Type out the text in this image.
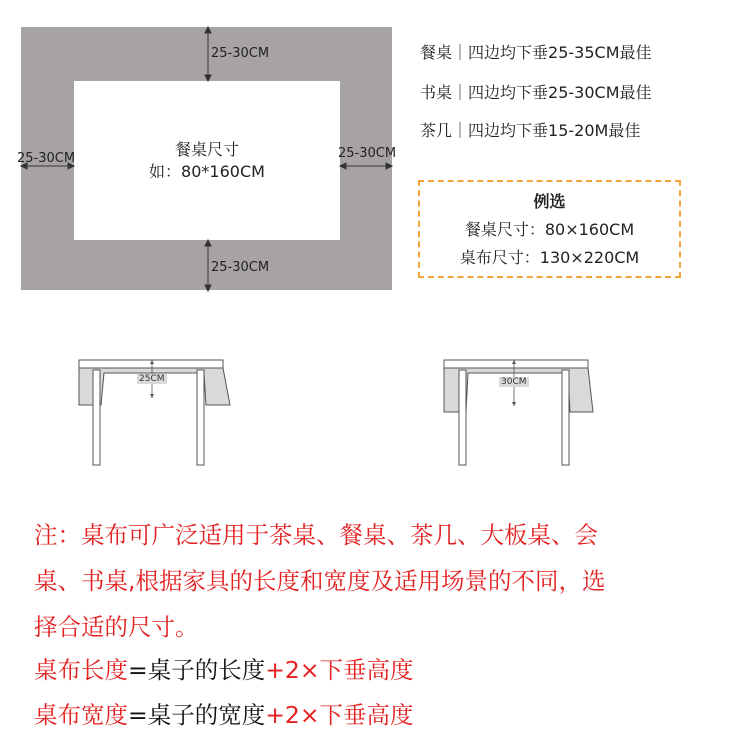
25-30CM
25-30CM
25-30CM	25-30CM
餐桌尺寸
如：80*160CM
餐桌｜四边均下垂25-35CM最佳
书桌｜四边均下垂25-30CM最佳
茶几｜四边均下垂15-20M最佳
例选
餐桌尺寸：80×160CM
桌布尺寸：130×220CM
25CM	30CM
注：桌布可广泛适用于茶桌、餐桌、茶几、大板桌、会
桌、书桌,根据家具的长度和宽度及适用场景的不同，选
择合适的尺寸。
桌布长度=桌子的长度+2×下垂高度
桌布宽度=桌子的宽度+2×下垂高度
